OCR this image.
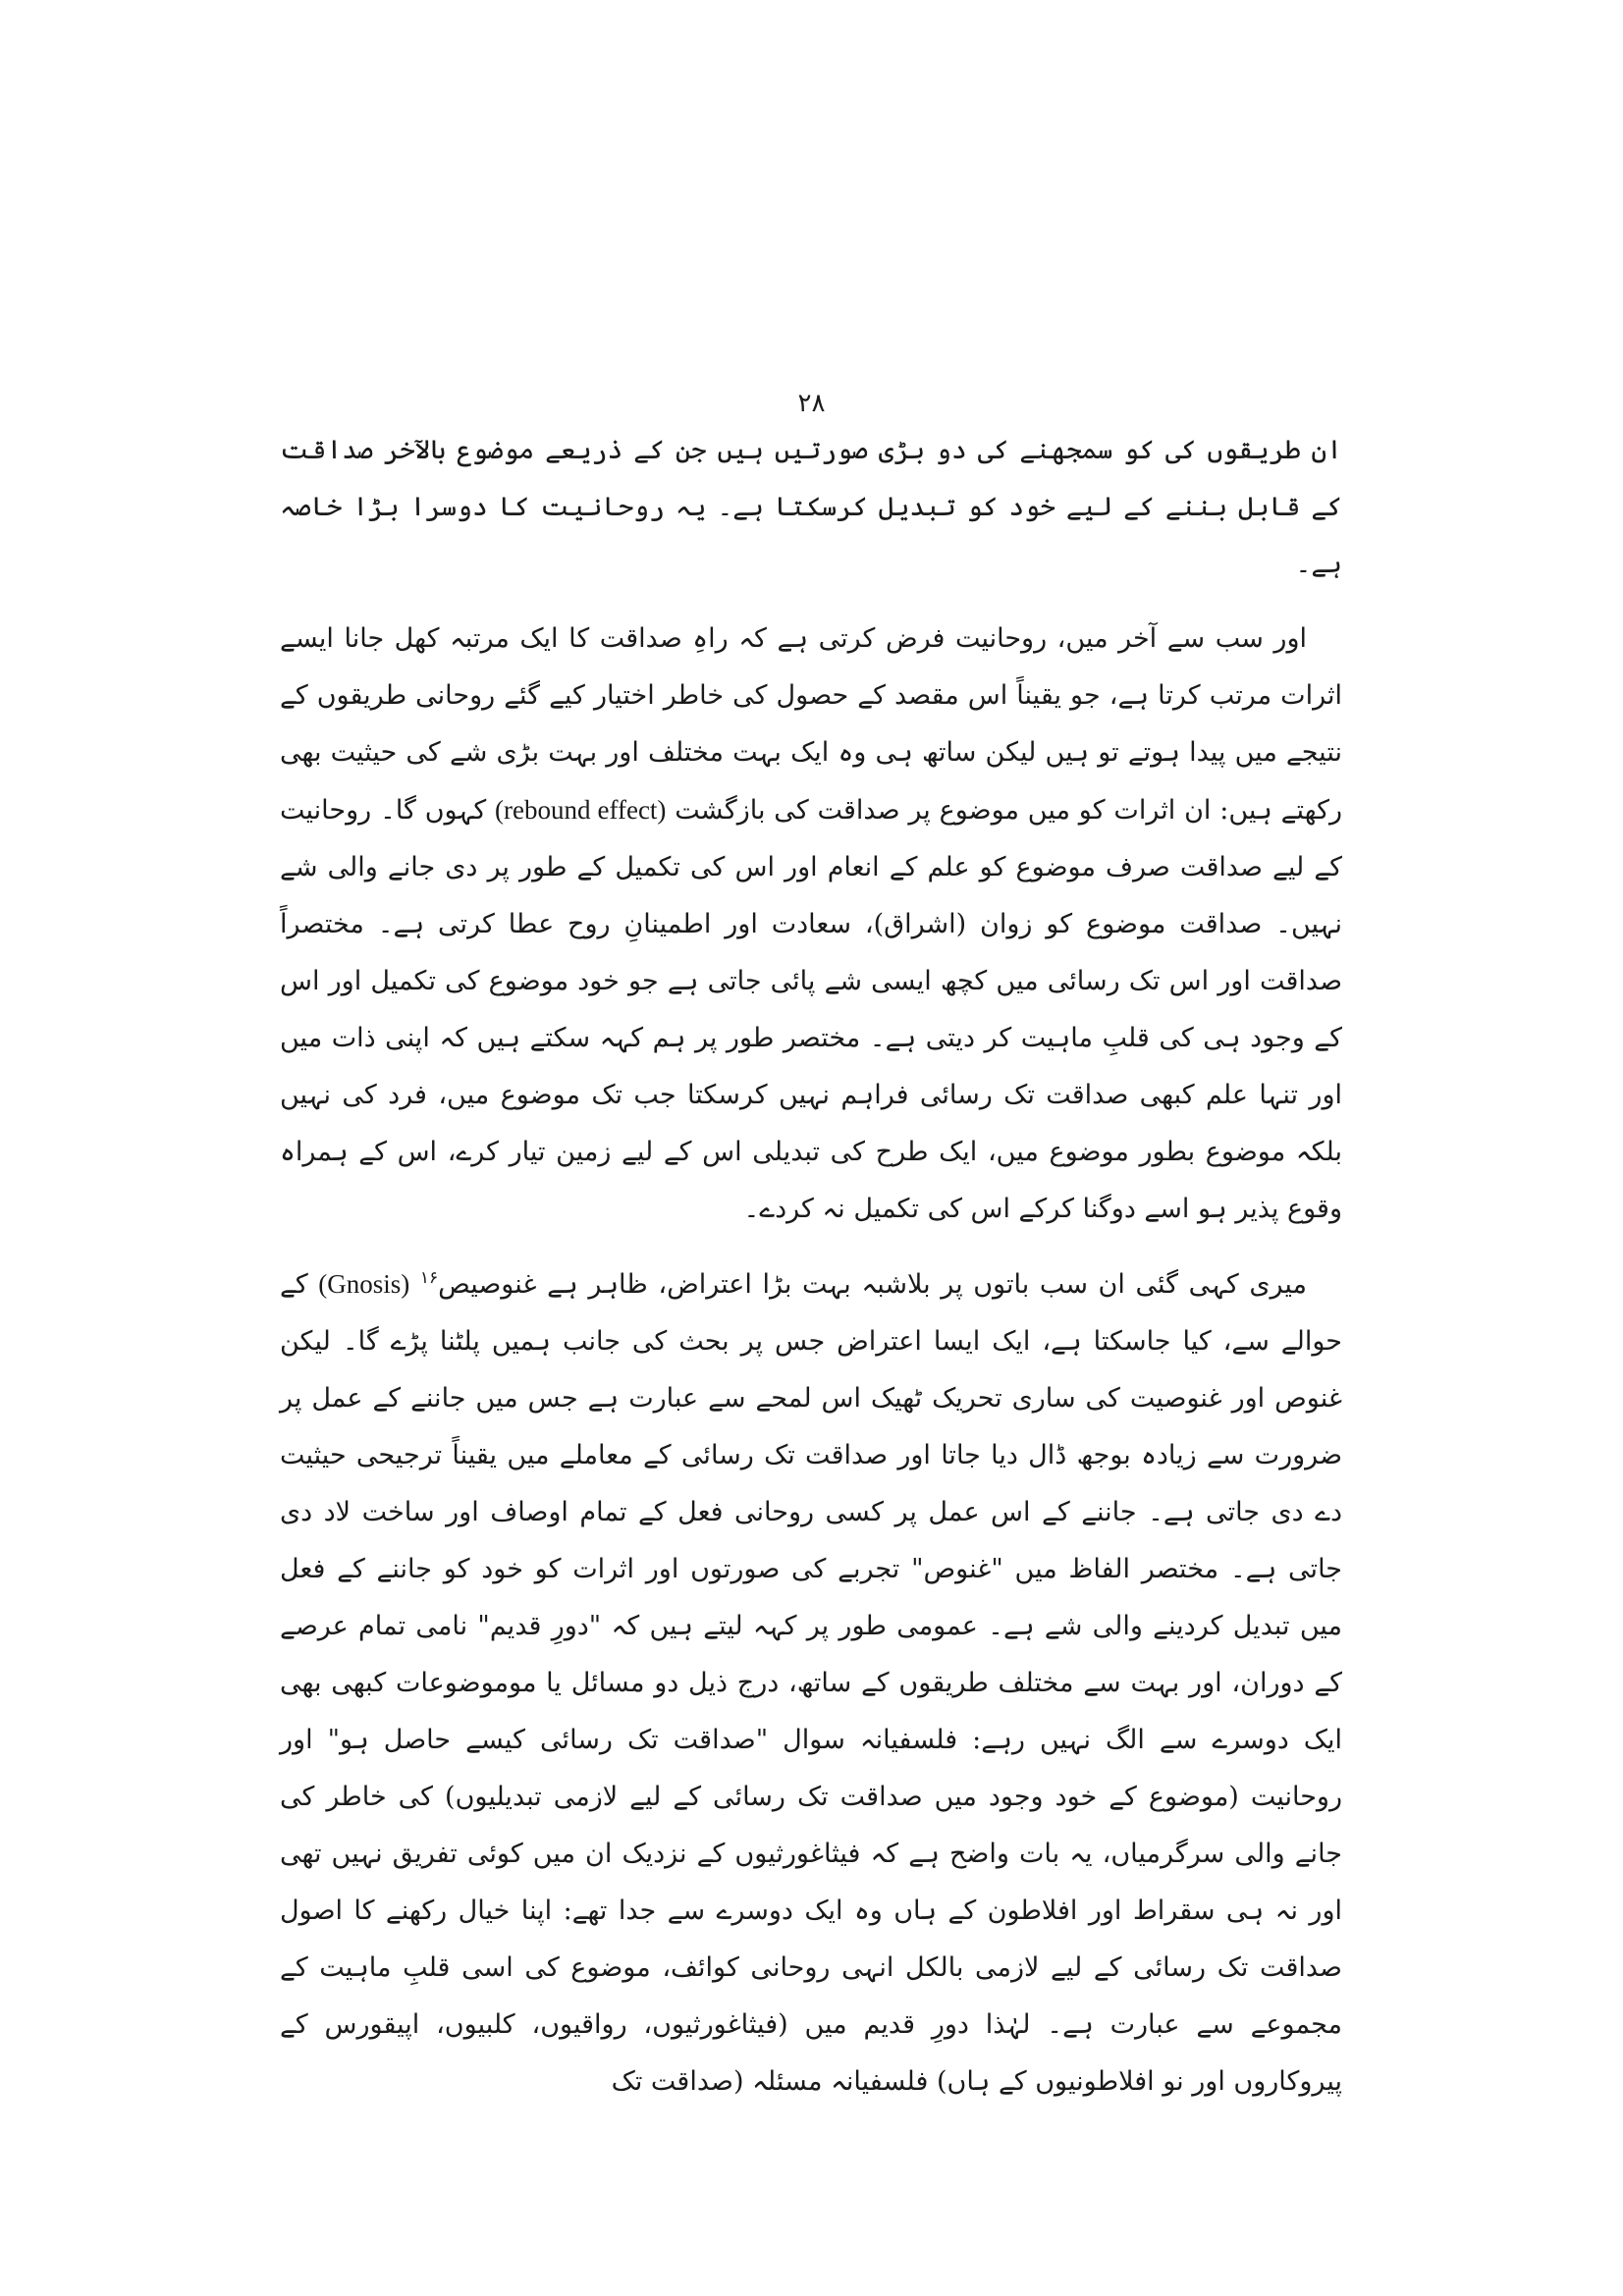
۲۸

ان طریقوں کی کو سمجھنے کی دو بڑی صورتیں ہیں جن کے ذریعے موضوع بالآخر صداقت کے قابل بننے کے لیے خود کو تبدیل کرسکتا ہے۔ یہ روحانیت کا دوسرا بڑا خاصہ ہے۔

اور سب سے آخر میں، روحانیت فرض کرتی ہے کہ راہِ صداقت کا ایک مرتبہ کھل جانا ایسے اثرات مرتب کرتا ہے، جو یقیناً اس مقصد کے حصول کی خاطر اختیار کیے گئے روحانی طریقوں کے نتیجے میں پیدا ہوتے تو ہیں لیکن ساتھ ہی وہ ایک بہت مختلف اور بہت بڑی شے کی حیثیت بھی رکھتے ہیں: ان اثرات کو میں موضوع پر صداقت کی بازگشت (rebound effect) کہوں گا۔ روحانیت کے لیے صداقت صرف موضوع کو علم کے انعام اور اس کی تکمیل کے طور پر دی جانے والی شے نہیں۔ صداقت موضوع کو زوان (اشراق)، سعادت اور اطمینانِ روح عطا کرتی ہے۔ مختصراً صداقت اور اس تک رسائی میں کچھ ایسی شے پائی جاتی ہے جو خود موضوع کی تکمیل اور اس کے وجود ہی کی قلبِ ماہیت کر دیتی ہے۔ مختصر طور پر ہم کہہ سکتے ہیں کہ اپنی ذات میں اور تنہا علم کبھی صداقت تک رسائی فراہم نہیں کرسکتا جب تک موضوع میں، فرد کی نہیں بلکہ موضوع بطور موضوع میں، ایک طرح کی تبدیلی اس کے لیے زمین تیار کرے، اس کے ہمراہ وقوع پذیر ہو اسے دوگنا کرکے اس کی تکمیل نہ کردے۔

میری کہی گئی ان سب باتوں پر بلاشبہ بہت بڑا اعتراض، ظاہر ہے غنوصیص$^{۱۶}$ (Gnosis) کے حوالے سے، کیا جاسکتا ہے، ایک ایسا اعتراض جس پر بحث کی جانب ہمیں پلٹنا پڑے گا۔ لیکن غنوص اور غنوصیت کی ساری تحریک ٹھیک اس لمحے سے عبارت ہے جس میں جاننے کے عمل پر ضرورت سے زیادہ بوجھ ڈال دیا جاتا اور صداقت تک رسائی کے معاملے میں یقیناً ترجیحی حیثیت دے دی جاتی ہے۔ جاننے کے اس عمل پر کسی روحانی فعل کے تمام اوصاف اور ساخت لاد دی جاتی ہے۔ مختصر الفاظ میں "غنوص" تجربے کی صورتوں اور اثرات کو خود کو جاننے کے فعل میں تبدیل کردینے والی شے ہے۔ عمومی طور پر کہہ لیتے ہیں کہ "دورِ قدیم" نامی تمام عرصے کے دوران، اور بہت سے مختلف طریقوں کے ساتھ، درج ذیل دو مسائل یا موموضوعات کبھی بھی ایک دوسرے سے الگ نہیں رہے: فلسفیانہ سوال "صداقت تک رسائی کیسے حاصل ہو" اور روحانیت (موضوع کے خود وجود میں صداقت تک رسائی کے لیے لازمی تبدیلیوں) کی خاطر کی جانے والی سرگرمیاں، یہ بات واضح ہے کہ فیثاغورثیوں کے نزدیک ان میں کوئی تفریق نہیں تھی اور نہ ہی سقراط اور افلاطون کے ہاں وہ ایک دوسرے سے جدا تھے: اپنا خیال رکھنے کا اصول صداقت تک رسائی کے لیے لازمی بالکل انہی روحانی کوائف، موضوع کی اسی قلبِ ماہیت کے مجموعے سے عبارت ہے۔ لہٰذا دورِ قدیم میں (فیثاغورثیوں، رواقیوں، کلبیوں، اپیقورس کے پیروکاروں اور نو افلاطونیوں کے ہاں) فلسفیانہ مسئلہ (صداقت تک
